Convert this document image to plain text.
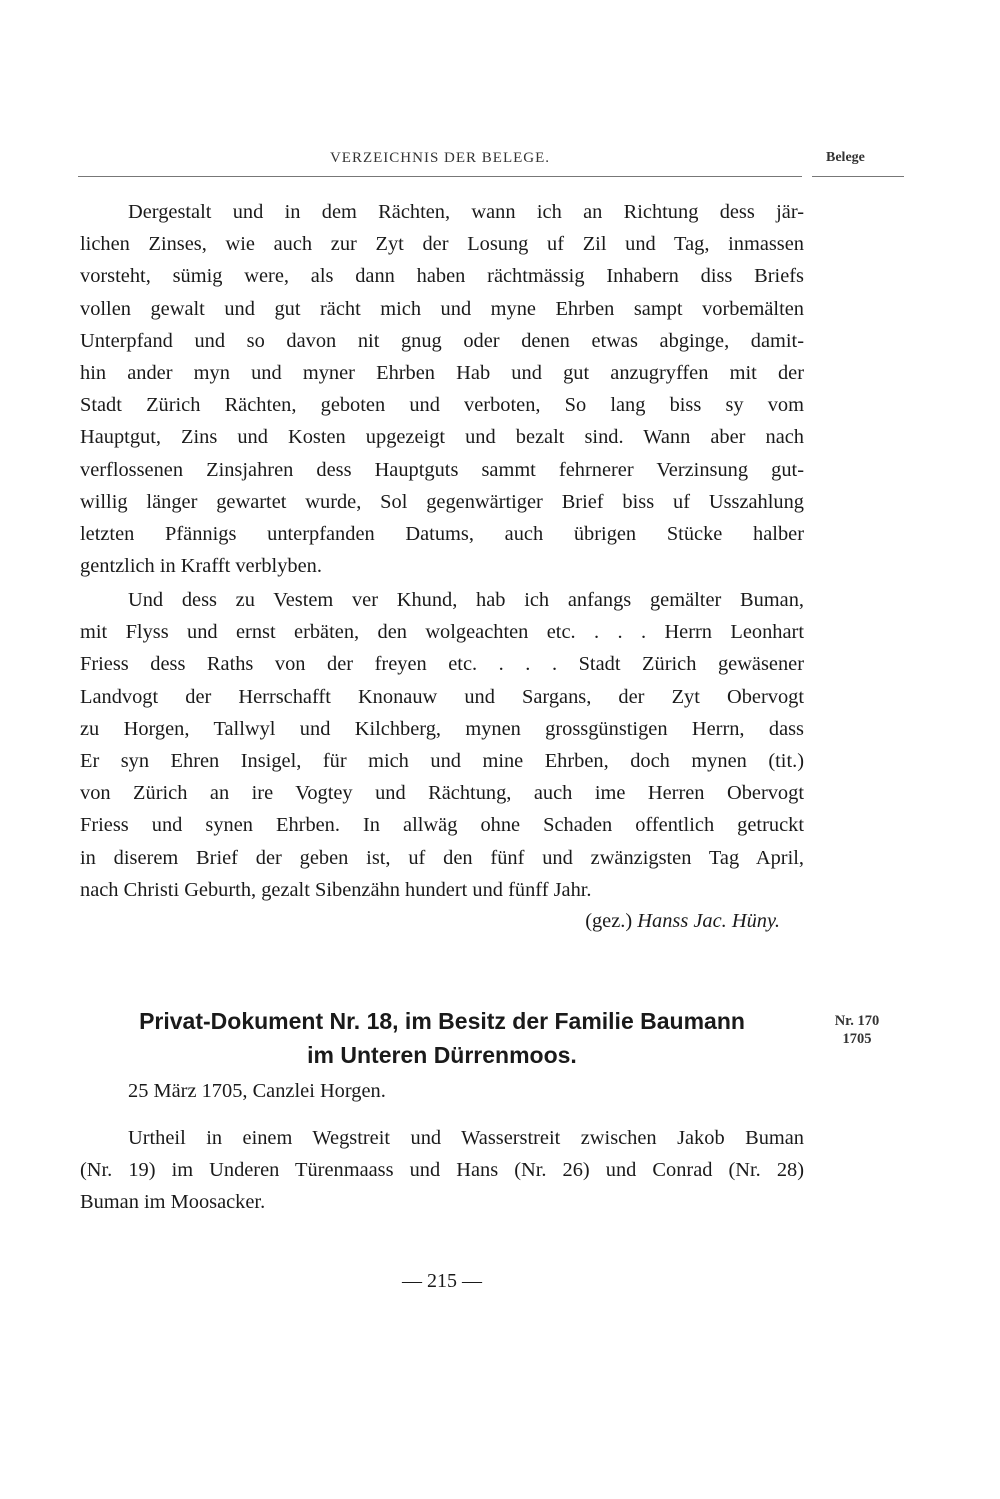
VERZEICHNIS DER BELEGE.	Belege
Dergestalt und in dem Rächten, wann ich an Richtung dess jär-
lichen Zinses, wie auch zur Zyt der Losung uf Zil und Tag, inmassen
vorsteht, sümig were, als dann haben rächtmässig Inhabern diss Briefs
vollen gewalt und gut rächt mich und myne Ehrben sampt vorbemälten
Unterpfand und so davon nit gnug oder denen etwas abginge, damit-
hin ander myn und myner Ehrben Hab und gut anzugryffen mit der
Stadt Zürich Rächten, geboten und verboten, So lang biss sy vom
Hauptgut, Zins und Kosten upgezeigt und bezalt sind. Wann aber nach
verflossenen Zinsjahren dess Hauptguts sammt fehrnerer Verzinsung gut-
willig länger gewartet wurde, Sol gegenwärtiger Brief biss uf Usszahlung
letzten Pfännigs unterpfanden Datums, auch übrigen Stücke halber
gentzlich in Krafft verblyben.
Und dess zu Vestem ver Khund, hab ich anfangs gemälter Buman,
mit Flyss und ernst erbäten, den wolgeachten etc. . . . Herrn Leonhart
Friess dess Raths von der freyen etc. . . . Stadt Zürich gewäsener
Landvogt der Herrschafft Knonauw und Sargans, der Zyt Obervogt
zu Horgen, Tallwyl und Kilchberg, mynen grossgünstigen Herrn, dass
Er syn Ehren Insigel, für mich und mine Ehrben, doch mynen (tit.)
von Zürich an ire Vogtey und Rächtung, auch ime Herren Obervogt
Friess und synen Ehrben. In allwäg ohne Schaden offentlich getruckt
in diserem Brief der geben ist, uf den fünf und zwänzigsten Tag April,
nach Christi Geburth, gezalt Sibenzähn hundert und fünff Jahr.
(gez.) Hanss Jac. Hüny.
Privat-Dokument Nr. 18, im Besitz der Familie Baumann
im Unteren Dürrenmoos.
Nr. 170
1705
25 März 1705, Canzlei Horgen.
Urtheil in einem Wegstreit und Wasserstreit zwischen Jakob Buman
(Nr. 19) im Underen Türenmaass und Hans (Nr. 26) und Conrad (Nr. 28)
Buman im Moosacker.
— 215 —
